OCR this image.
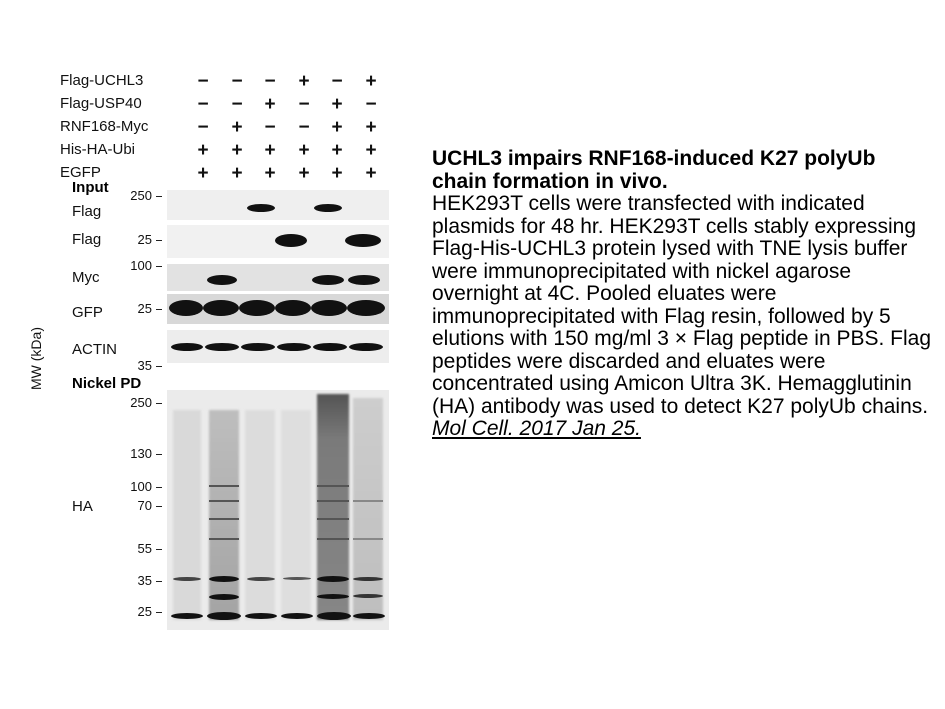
Flag-UCHL3
Flag-USP40
RNF168-Myc
His-HA-Ubi
EGFP
− − − + − +
− − + − + −
− + − − + +
+ + + + + +
+ + + + + +
Input
Nickel PD
MW (kDa)
Flag
250
Flag	25
Myc
100
GFP	25
ACTIN
35
HA
250
130
100
70
55
35
25
UCHL3 impairs RNF168-induced K27 polyUb chain formation in vivo.
HEK293T cells were transfected with indicated plasmids for 48 hr. HEK293T cells stably expressing Flag-His-UCHL3 protein lysed with TNE lysis buffer were immunoprecipitated with nickel agarose overnight at 4C. Pooled eluates were immunoprecipitated with Flag resin, followed by 5 elutions with 150 mg/ml 3 × Flag peptide in PBS. Flag peptides were discarded and eluates were concentrated using Amicon Ultra 3K. Hemagglutinin (HA) antibody was used to detect K27 polyUb chains. Mol Cell. 2017 Jan 25.
